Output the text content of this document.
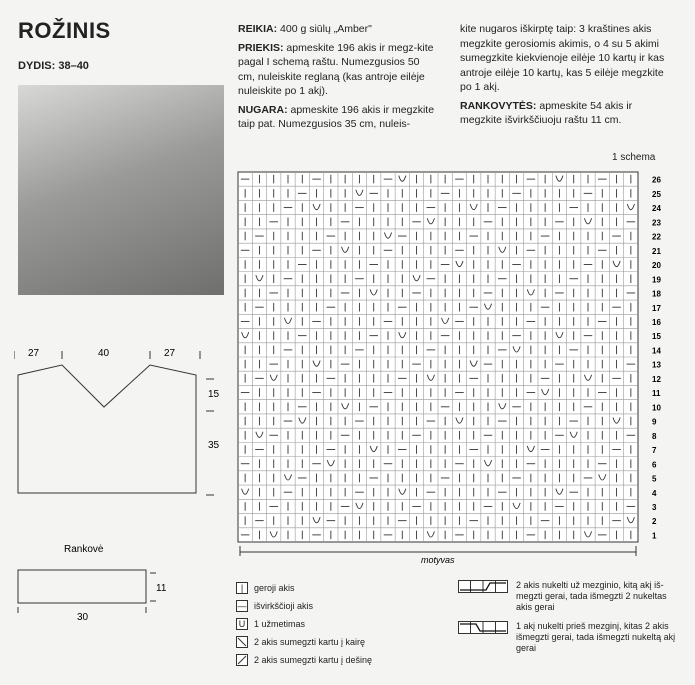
ROŽINIS
DYDIS: 38–40

REIKIA: 400 g siūlų „Amber"

PRIEKIS: apmeskite 196 akis ir megz-kite pagal I schemą raštu. Numezgusios 50 cm, nuleiskite reglaną (kas antroje eilėje nuleiskite po 1 akį).

NUGARA: apmeskite 196 akis ir megzkite taip pat. Numezgusios 35 cm, nuleis-

kite nugaros iškirptę taip: 3 kraštines akis megzkite gerosiomis akimis, o 4 su 5 akimi sumegzkite kiekvienoje eilėje 10 kartų ir kas antroje eilėje 10 kartų, kas 5 eilėje megzkite po 1 akį.

RANKOVYTĖS: apmeskite 54 akis ir megzkite išvirkščiuoju raštu 11 cm.

1 schema
27	40	27
15
35
Rankovė
11
30
26
25
24
23
22
21
20
19
18
17
16
15
14
13
12
11
10
9
8
7
6
5
4
3
2
1
motyvas
|	geroji akis
— išvirkščioji akis
U 1 užmetimas
2 akis sumegzti kartu į kairę
2 akis sumegzti kartu į dešinę
2 akis nukelti už mezginio, kitą akį iš-megzti gerai, tada išmegzti 2 nukeltas akis gerai
1 akį nukelti prieš mezginį, kitas 2 akis išmegzti gerai, tada išmegzti nukeltą akį gerai
